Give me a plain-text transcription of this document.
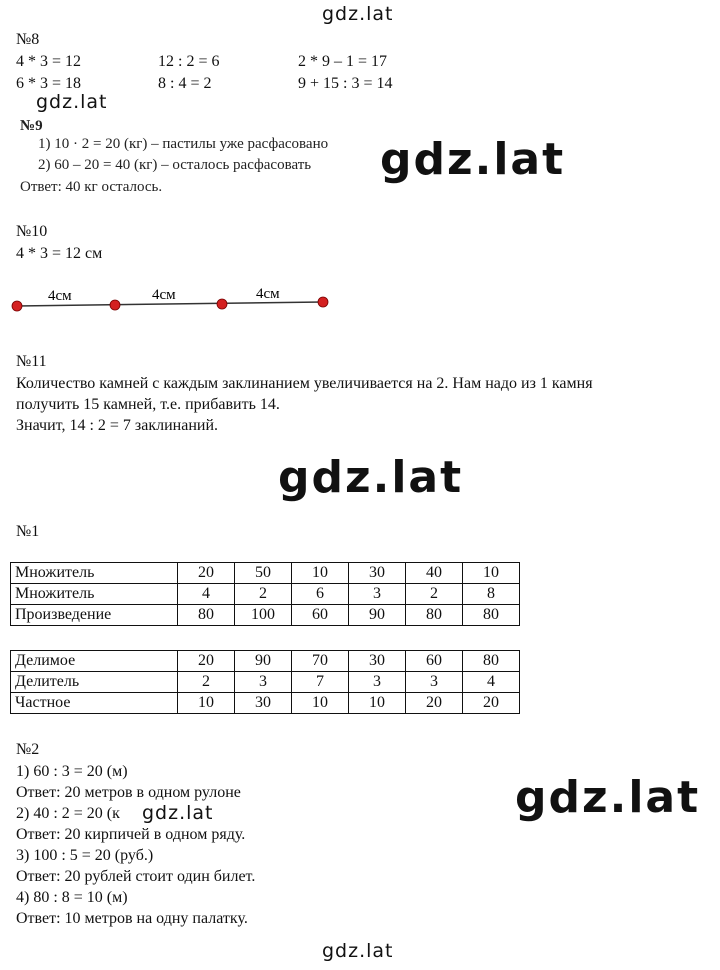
gdz.lat
gdz.lat
gdz.lat
gdz.lat
gdz.lat
gdz.lat
№8
4 * 3 = 12	12 : 2 = 6	2 * 9 – 1 = 17
6 * 3 = 18	8 : 4 = 2	9 + 15 : 3 = 14
№9
1) 10 · 2 = 20 (кг) – пастилы уже расфасовано
2) 60 – 20 = 40 (кг) – осталось расфасовать
Ответ: 40 кг осталось.
№10
4 * 3 = 12 см
4см	4см	4см
№11
Количество камней с каждым заклинанием увеличивается на 2. Нам надо из 1 камня
получить 15 камней, т.е. прибавить 14.
Значит, 14 : 2 = 7 заклинаний.
№1
Множитель	20	50	10	30	40	10
Множитель	4	2	6	3	2	8
Произведение	80	100	60	90	80	80
Делимое	20	90	70	30	60	80
Делитель	2	3	7	3	3	4
Частное	10	30	10	10	20	20
№2
1) 60 : 3 = 20 (м)
Ответ: 20 метров в одном рулоне
2) 40 : 2 = 20 (к gdz.lat
Ответ: 20 кирпичей в одном ряду.
3) 100 : 5 = 20 (руб.)
Ответ: 20 рублей стоит один билет.
4) 80 : 8 = 10 (м)
Ответ: 10 метров на одну палатку.
